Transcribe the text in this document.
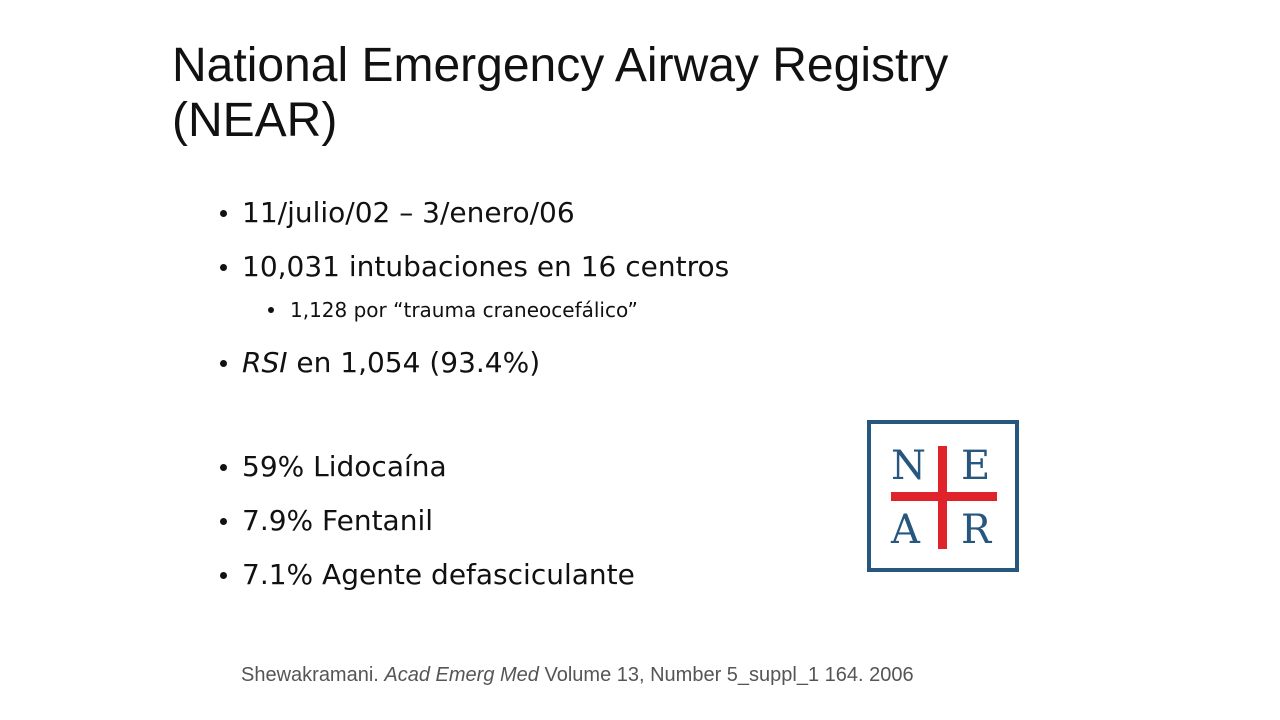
National Emergency Airway Registry
(NEAR)
11/julio/02 – 3/enero/06
10,031 intubaciones en 16 centros
1,128 por “trauma craneocefálico”
RSI en 1,054 (93.4%)
59% Lidocaína
7.9% Fentanil
7.1% Agente defasciculante
N E
A R
Shewakramani. Acad Emerg Med Volume 13, Number 5_suppl_1 164. 2006
